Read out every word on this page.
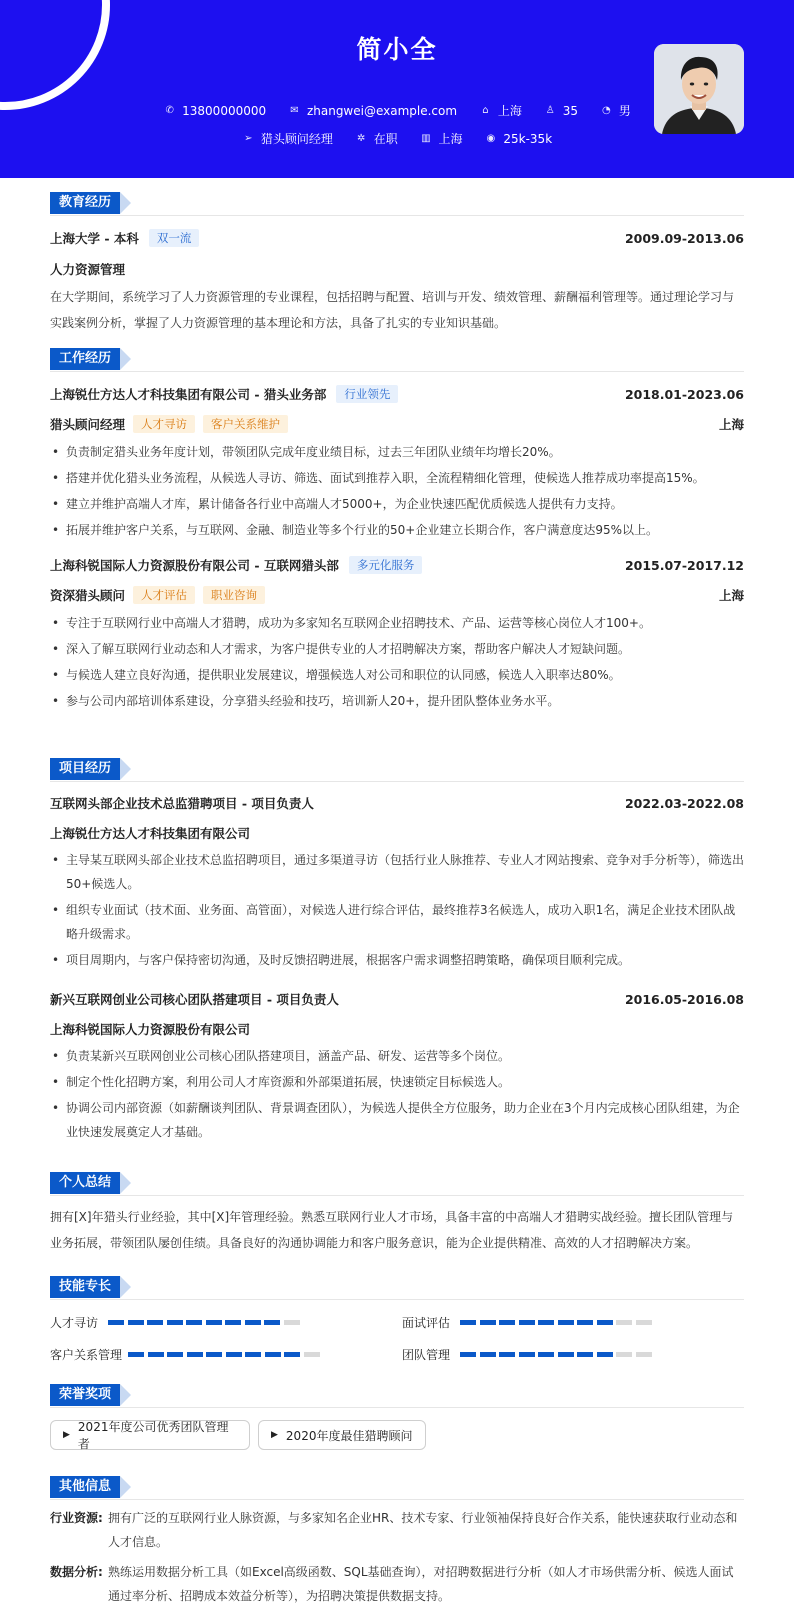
简小全
✆ 13800000000
✉ zhangwei@example.com
	⌂ 上海
♙ 35
◔ 男
➢ 猎头顾问经理
✲ 在职
▥ 上海
◉ 25k-35k
教育经历
上海大学 - 本科	双一流	2009.09-2013.06
人力资源管理
在大学期间，系统学习了人力资源管理的专业课程，包括招聘与配置、培训与开发、绩效管理、薪酬福利管理等。通过理论学习与实践案例分析，掌握了人力资源管理的基本理论和方法，具备了扎实的专业知识基础。
工作经历
上海锐仕方达人才科技集团有限公司 - 猎头业务部	行业领先	2018.01-2023.06
猎头顾问经理	人才寻访	客户关系维护	上海
• 负责制定猎头业务年度计划，带领团队完成年度业绩目标，过去三年团队业绩年均增长20%。
• 搭建并优化猎头业务流程，从候选人寻访、筛选、面试到推荐入职，全流程精细化管理，使候选人推荐成功率提高15%。
• 建立并维护高端人才库，累计储备各行业中高端人才5000+，为企业快速匹配优质候选人提供有力支持。
• 拓展并维护客户关系，与互联网、金融、制造业等多个行业的50+企业建立长期合作，客户满意度达95%以上。
上海科锐国际人力资源股份有限公司 - 互联网猎头部	多元化服务	2015.07-2017.12
资深猎头顾问	人才评估	职业咨询	上海
• 专注于互联网行业中高端人才猎聘，成功为多家知名互联网企业招聘技术、产品、运营等核心岗位人才100+。
• 深入了解互联网行业动态和人才需求，为客户提供专业的人才招聘解决方案，帮助客户解决人才短缺问题。
• 与候选人建立良好沟通，提供职业发展建议，增强候选人对公司和职位的认同感，候选人入职率达80%。
• 参与公司内部培训体系建设，分享猎头经验和技巧，培训新人20+，提升团队整体业务水平。
项目经历
互联网头部企业技术总监猎聘项目 - 项目负责人	2022.03-2022.08
上海锐仕方达人才科技集团有限公司
• 主导某互联网头部企业技术总监招聘项目，通过多渠道寻访（包括行业人脉推荐、专业人才网站搜索、竞争对手分析等），筛选出50+候选人。
• 组织专业面试（技术面、业务面、高管面），对候选人进行综合评估，最终推荐3名候选人，成功入职1名，满足企业技术团队战略升级需求。
• 项目周期内，与客户保持密切沟通，及时反馈招聘进展，根据客户需求调整招聘策略，确保项目顺利完成。
新兴互联网创业公司核心团队搭建项目 - 项目负责人	2016.05-2016.08
上海科锐国际人力资源股份有限公司
• 负责某新兴互联网创业公司核心团队搭建项目，涵盖产品、研发、运营等多个岗位。
• 制定个性化招聘方案，利用公司人才库资源和外部渠道拓展，快速锁定目标候选人。
• 协调公司内部资源（如薪酬谈判团队、背景调查团队），为候选人提供全方位服务，助力企业在3个月内完成核心团队组建，为企业快速发展奠定人才基础。
个人总结
拥有[X]年猎头行业经验，其中[X]年管理经验。熟悉互联网行业人才市场，具备丰富的中高端人才猎聘实战经验。擅长团队管理与业务拓展，带领团队屡创佳绩。具备良好的沟通协调能力和客户服务意识，能为企业提供精准、高效的人才招聘解决方案。
技能专长
人才寻访	面试评估
客户关系管理	团队管理
荣誉奖项
▶
2021年度公司优秀团队管理者
▶ 2020年度最佳猎聘顾问
其他信息
行业资源: 拥有广泛的互联网行业人脉资源，与多家知名企业HR、技术专家、行业领袖保持良好合作关系，能快速获取行业动态和人才信息。
数据分析: 熟练运用数据分析工具（如Excel高级函数、SQL基础查询），对招聘数据进行分析（如人才市场供需分析、候选人面试通过率分析、招聘成本效益分析等），为招聘决策提供数据支持。
